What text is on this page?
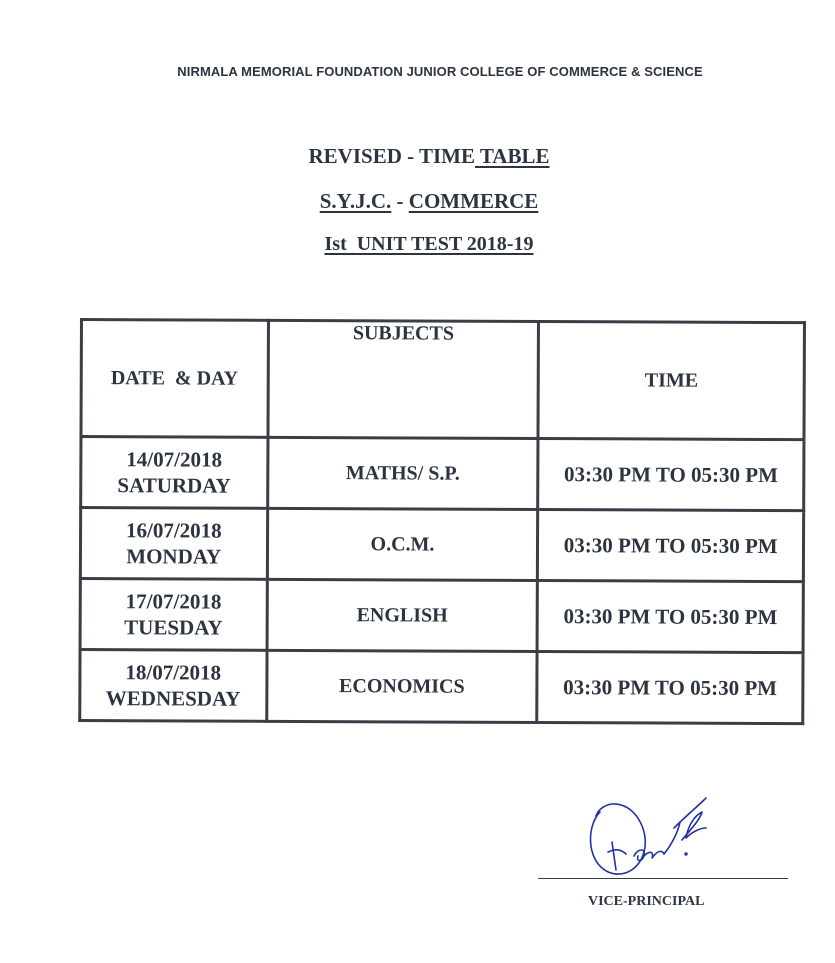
NIRMALA MEMORIAL FOUNDATION JUNIOR COLLEGE OF COMMERCE & SCIENCE
REVISED - TIME TABLE
S.Y.J.C. - COMMERCE
Ist  UNIT TEST 2018-19
DATE  & DAY	SUBJECTS	TIME

14/07/2018
SATURDAY	MATHS/ S.P.	03:30 PM TO 05:30 PM

16/07/2018
MONDAY	O.C.M.	03:30 PM TO 05:30 PM

17/07/2018
TUESDAY	ENGLISH	03:30 PM TO 05:30 PM

18/07/2018
WEDNESDAY	ECONOMICS	03:30 PM TO 05:30 PM
VICE-PRINCIPAL
